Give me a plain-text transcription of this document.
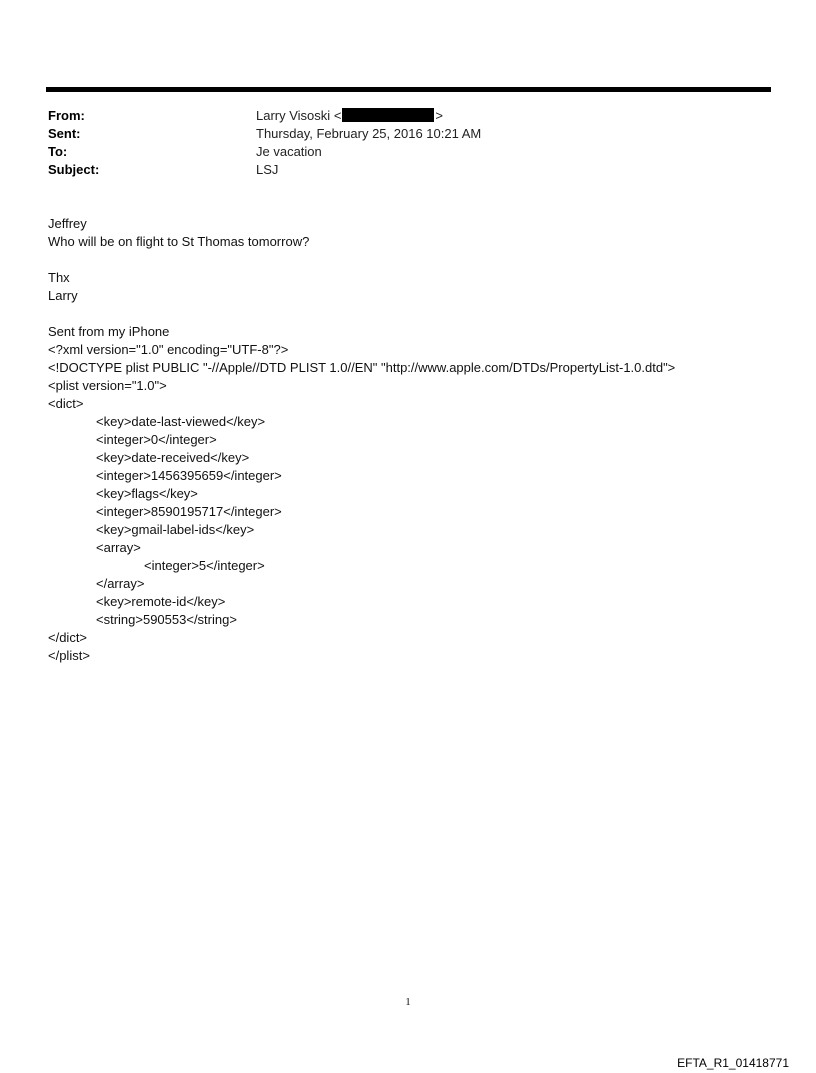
From:	Larry Visoski <	>
Sent:	Thursday, February 25, 2016 10:21 AM
To:	Je vacation
Subject:	LSJ
Jeffrey
Who will be on flight to St Thomas tomorrow?
Thx
Larry
Sent from my iPhone
<?xml version="1.0" encoding="UTF-8"?>
<!DOCTYPE plist PUBLIC "-//Apple//DTD PLIST 1.0//EN" "http://www.apple.com/DTDs/PropertyList-1.0.dtd">
<plist version="1.0">
<dict>
<key>date-last-viewed</key>
<integer>0</integer>
<key>date-received</key>
<integer>1456395659</integer>
<key>flags</key>
<integer>8590195717</integer>
<key>gmail-label-ids</key>
<array>
<integer>5</integer>
</array>
<key>remote-id</key>
<string>590553</string>
</dict>
</plist>
1
EFTA_R1_01418771
